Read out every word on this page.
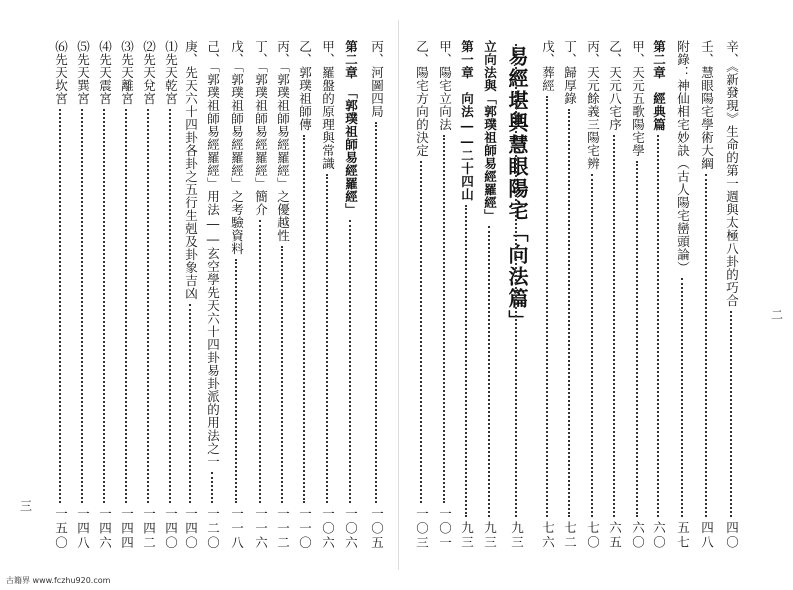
二
三
易經堪輿慧眼陽宅「向法篇」	辛、《新發現》生命的第一週與太極八卦的巧合
四〇
壬、慧眼陽宅學術大綱
四八
附錄：神仙相宅妙訣（古人陽宅巒頭論）
五七
第二章　經典篇
六〇
甲、天元五歌陽宅學
六〇
乙、天元八宅序
六五
丙、天元餘義三陽宅辨
七〇
丁、歸厚錄
七二
戊、葬經
七六
九三
立向法與「郭璞祖師易經羅經」
九三
第一章　向法――二十四山
九三
甲、陽宅立向法
一〇一
乙、陽宅方向的決定
一〇三
丙、河圖四局
一〇五
第二章　「郭璞祖師易經羅經」
一〇六
甲、羅盤的原理與常識
一〇六
乙、郭璞祖師傳
一一〇
丙、「郭璞祖師易經羅經」之優越性
一一二
丁、「郭璞祖師易經羅經」簡介
一一六
戊、「郭璞祖師易經羅經」之考驗資料
一一八
己、「郭璞祖師易經羅經」用法――玄空學先天六十四卦易卦派的用法之一
一二〇
庚、先天六十四卦各卦之五行生剋及卦象吉凶
一四〇
⑴先天乾宮
一四〇
⑵先天兌宮
一四二
⑶先天離宮
一四四
⑷先天震宮
一四六
⑸先天巽宮
一四八
⑹先天坎宮
一五〇
古籍界 www.fczhu920.com
